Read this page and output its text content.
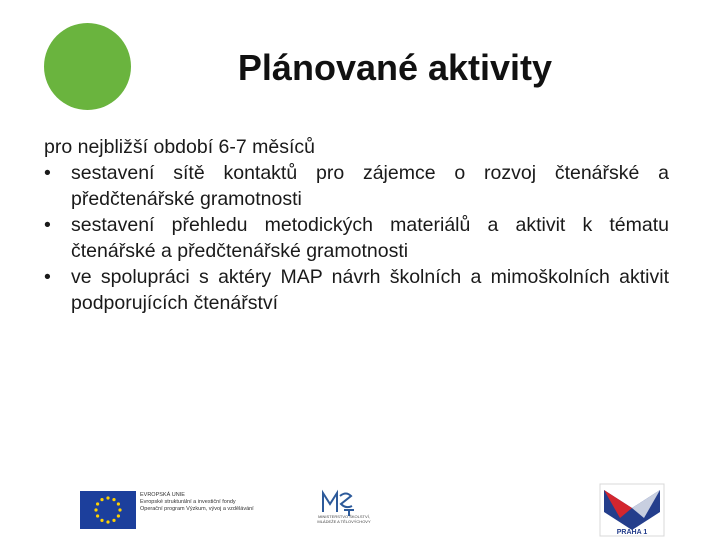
Plánované aktivity

pro nejbližší období 6-7 měsíců

•	sestavení sítě kontaktů pro zájemce o rozvoj čtenářské a předčtenářské gramotnosti
•	sestavení přehledu metodických materiálů a aktivit k tématu čtenářské a předčtenářské gramotnosti
•	ve spolupráci s aktéry MAP návrh školních a mimoškolních aktivit podporujících čtenářství
EVROPSKÁ UNIE
Evropské strukturální a investiční fondy
Operační program Výzkum, vývoj a vzdělávání
MINISTERSTVO ŠKOLSTVÍ,
MLÁDEŽE A TĚLOVÝCHOVY
PRAHA 1
